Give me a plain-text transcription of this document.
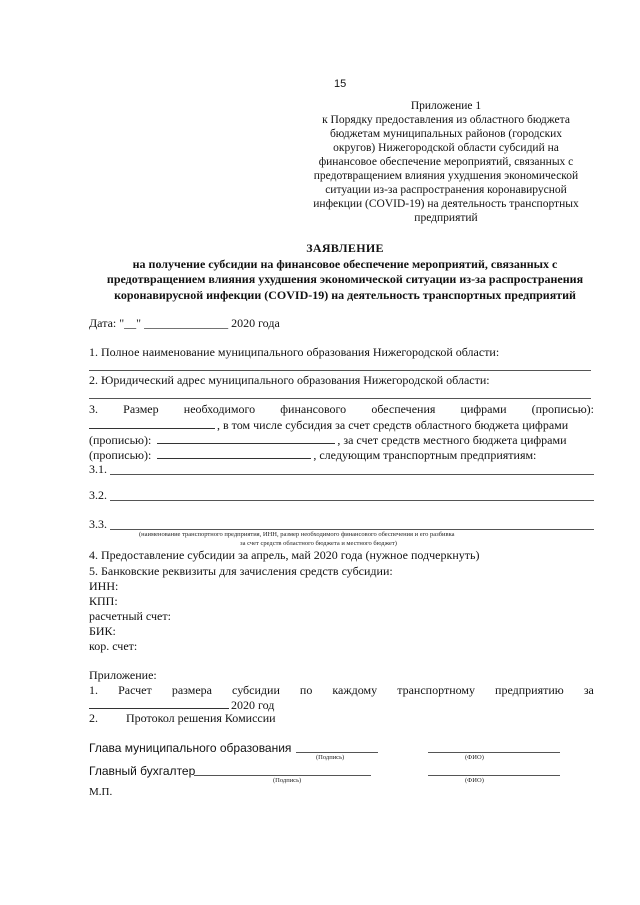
15
Приложение 1
к Порядку предоставления из областного бюджета
бюджетам муниципальных районов (городских
округов) Нижегородской области субсидий на
финансовое обеспечение мероприятий, связанных с
предотвращением влияния ухудшения экономической
ситуации из-за распространения коронавирусной
инфекции (COVID-19) на деятельность транспортных
предприятий
ЗАЯВЛЕНИЕ
на получение субсидии на финансовое обеспечение мероприятий, связанных с
предотвращением влияния ухудшения экономической ситуации из-за распространения
коронавирусной инфекции (COVID-19) на деятельность транспортных предприятий
Дата: "__" ______________ 2020 года
1. Полное наименование муниципального образования Нижегородской области:
2. Юридический адрес муниципального образования Нижегородской области:
3. Размер необходимого финансового обеспечения цифрами (прописью):
, в том числе субсидия за счет средств областного бюджета цифрами
(прописью):	, за счет средств местного бюджета цифрами
(прописью):	, следующим транспортным предприятиям:
3.1.
3.2.
3.3.
(наименование транспортного предприятия, ИНН, размер необходимого финансового обеспечения и его разбивка
за счет средств областного бюджета и местного бюджет)
4. Предоставление субсидии за апрель, май 2020 года (нужное подчеркнуть)
5. Банковские реквизиты для зачисления средств субсидии:
ИНН:
КПП:
расчетный счет:
БИК:
кор. счет:
Приложение:
1. Расчет размера субсидии по каждому транспортному предприятию за
2020 год
2. Протокол решения Комиссии
Глава муниципального образования
(Подпись)	(ФИО)
Главный бухгалтер
(Подпись)	(ФИО)
М.П.
